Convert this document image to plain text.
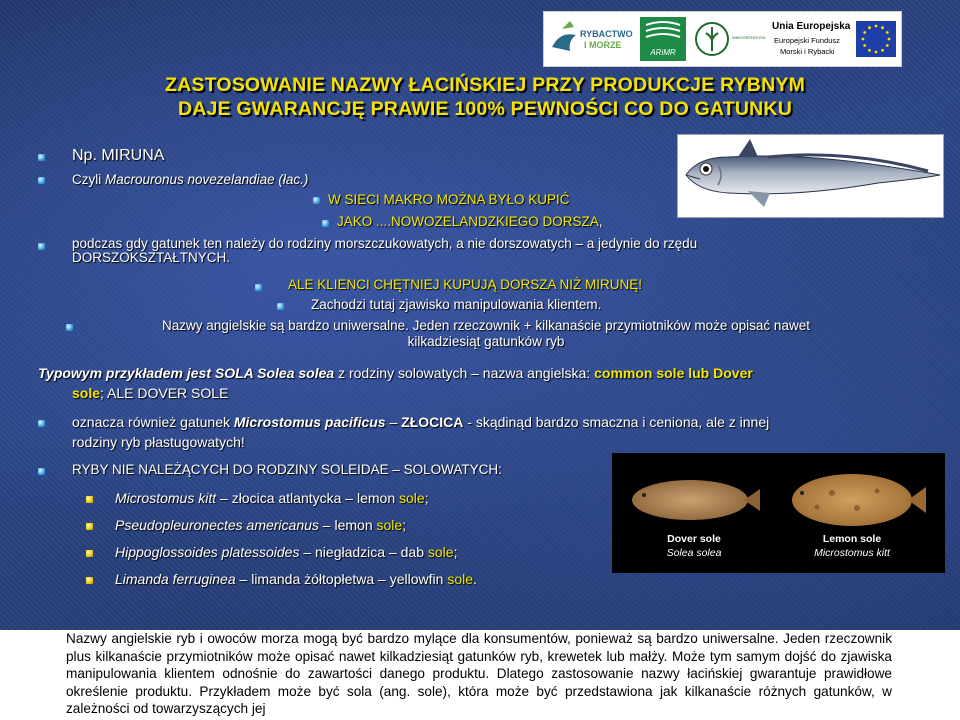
RYBACTWO
I MORZE
ARiMR
MINISTERSTWO RO
Unia Europejska
Europejski Fundusz
Morski i Rybacki
ZASTOSOWANIE NAZWY ŁACIŃSKIEJ PRZY PRODUKCJE RYBNYM
DAJE GWARANCJĘ PRAWIE 100% PEWNOŚCI CO DO GATUNKU
Np. MIRUNA
Czyli Macrouronus novezelandiae (łac.)
W SIECI MAKRO MOŻNA BYŁO KUPIĆ
JAKO ....NOWOZELANDZKIEGO DORSZA,
podczas gdy gatunek ten należy do rodziny morszczukowatych, a nie dorszowatych – a jedynie do rzędu
DORSZOKSZTAŁTNYCH.
ALE KLIENCI CHĘTNIEJ KUPUJĄ DORSZA NIŻ MIRUNĘ!
Zachodzi tutaj zjawisko manipulowania klientem.
Nazwy angielskie są bardzo uniwersalne. Jeden rzeczownik + kilkanaście przymiotników może opisać nawet
kilkadziesiąt gatunków ryb
Typowym przykładem jest SOLA Solea solea z rodziny solowatych – nazwa angielska: common sole lub Dover
sole; ALE DOVER SOLE
oznacza również gatunek Microstomus pacificus – ZŁOCICA - skądinąd bardzo smaczna i ceniona, ale z innej
rodziny ryb płastugowatych!
RYBY NIE NALEŻĄCYCH DO RODZINY SOLEIDAE – SOLOWATYCH:
Microstomus kitt – złocica atlantycka – lemon sole;
Pseudopleuronectes americanus – lemon sole;
Hippoglossoides platessoides – niegładzica – dab sole;
Limanda ferruginea – limanda żółtopłetwa – yellowfin sole.
Dover sole
Solea solea
Lemon sole
Microstomus kitt

Nazwy angielskie ryb i owoców morza mogą być bardzo mylące dla konsumentów, ponieważ są bardzo uniwersalne. Jeden rzeczownik plus kilkanaście przymiotników może opisać nawet kilkadziesiąt gatunków ryb, krewetek lub małży. Może tym samym dojść do zjawiska manipulowania klientem odnośnie do zawartości danego produktu. Dlatego zastosowanie nazwy łacińskiej gwarantuje prawidłowe określenie produktu. Przykładem może być sola (ang. sole), która może być przedstawiona jak kilkanaście różnych gatunków, w zależności od towarzyszących jej
